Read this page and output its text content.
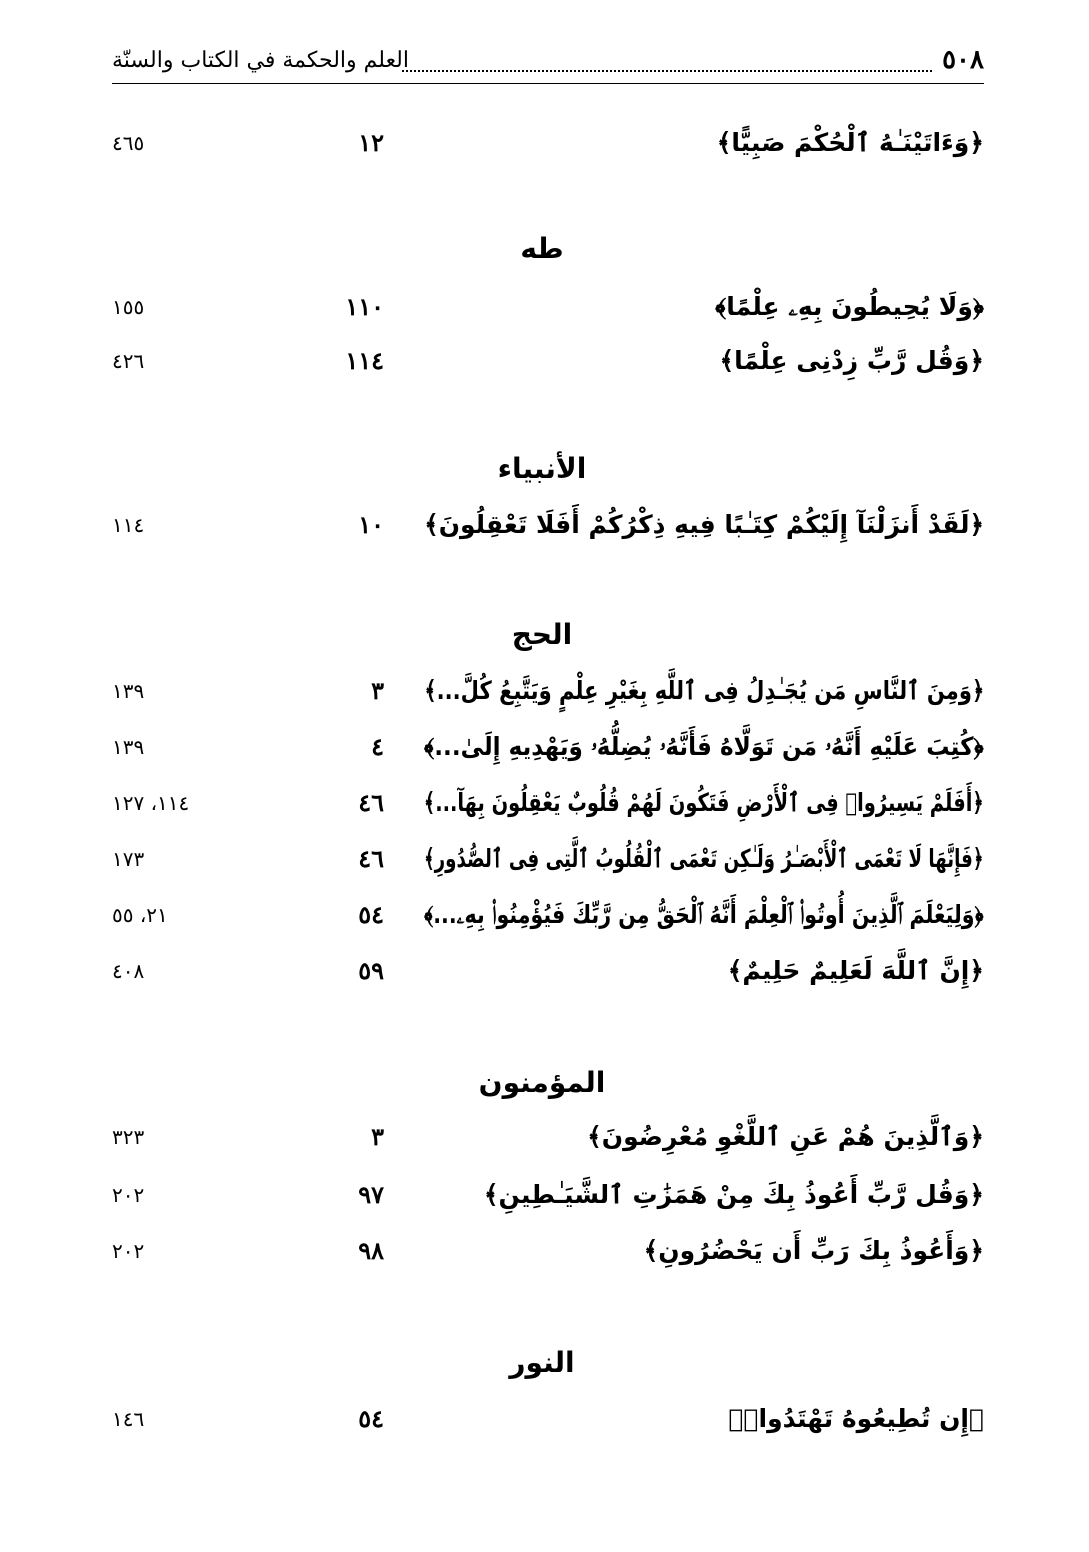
٥٠٨
العلم والحكمة في الكتاب والسنّة
﴿وَءَاتَيْنَـٰهُ ٱلْحُكْمَ صَبِيًّا﴾
١٢
٤٦٥
طه
﴿وَلَا يُحِيطُونَ بِهِۦ عِلْمًا﴾
١١٠
١٥٥
﴿وَقُل رَّبِّ زِدْنِى عِلْمًا﴾
١١٤
٤٢٦
الأنبياء
﴿لَقَدْ أَنزَلْنَآ إِلَيْكُمْ كِتَـٰبًا فِيهِ ذِكْرُكُمْ أَفَلَا تَعْقِلُونَ﴾
١٠
١١٤
الحج
﴿وَمِنَ ٱلنَّاسِ مَن يُجَـٰدِلُ فِى ٱللَّهِ بِغَيْرِ عِلْمٍ وَيَتَّبِعُ كُلَّ...﴾
٣
١٣٩
﴿كُتِبَ عَلَيْهِ أَنَّهُۥ مَن تَوَلَّاهُ فَأَنَّهُۥ يُضِلُّهُۥ وَيَهْدِيهِ إِلَىٰ...﴾
٤
١٣٩
﴿أَفَلَمْ يَسِيرُوا۟ فِى ٱلْأَرْضِ فَتَكُونَ لَهُمْ قُلُوبٌ يَعْقِلُونَ بِهَآ...﴾
٤٦
١١٤، ١٢٧
﴿فَإِنَّهَا لَا تَعْمَى ٱلْأَبْصَـٰرُ وَلَـٰكِن تَعْمَى ٱلْقُلُوبُ ٱلَّتِى فِى ٱلصُّدُورِ﴾
٤٦
١٧٣
﴿وَلِيَعْلَمَ ٱلَّذِينَ أُوتُوا۟ ٱلْعِلْمَ أَنَّهُ ٱلْحَقُّ مِن رَّبِّكَ فَيُؤْمِنُوا۟ بِهِۦ...﴾
٥٤
٢١، ٥٥
﴿إِنَّ ٱللَّهَ لَعَلِيمٌ حَلِيمٌ﴾
٥٩
٤٠٨
المؤمنون
﴿وَٱلَّذِينَ هُمْ عَنِ ٱللَّغْوِ مُعْرِضُونَ﴾
٣
٣٢٣
﴿وَقُل رَّبِّ أَعُوذُ بِكَ مِنْ هَمَزَٰتِ ٱلشَّيَـٰطِينِ﴾
٩٧
٢٠٢
﴿وَأَعُوذُ بِكَ رَبِّ أَن يَحْضُرُونِ﴾
٩٨
٢٠٢
النور
﴿إِن تُطِيعُوهُ تَهْتَدُوا۟﴾
٥٤
١٤٦
